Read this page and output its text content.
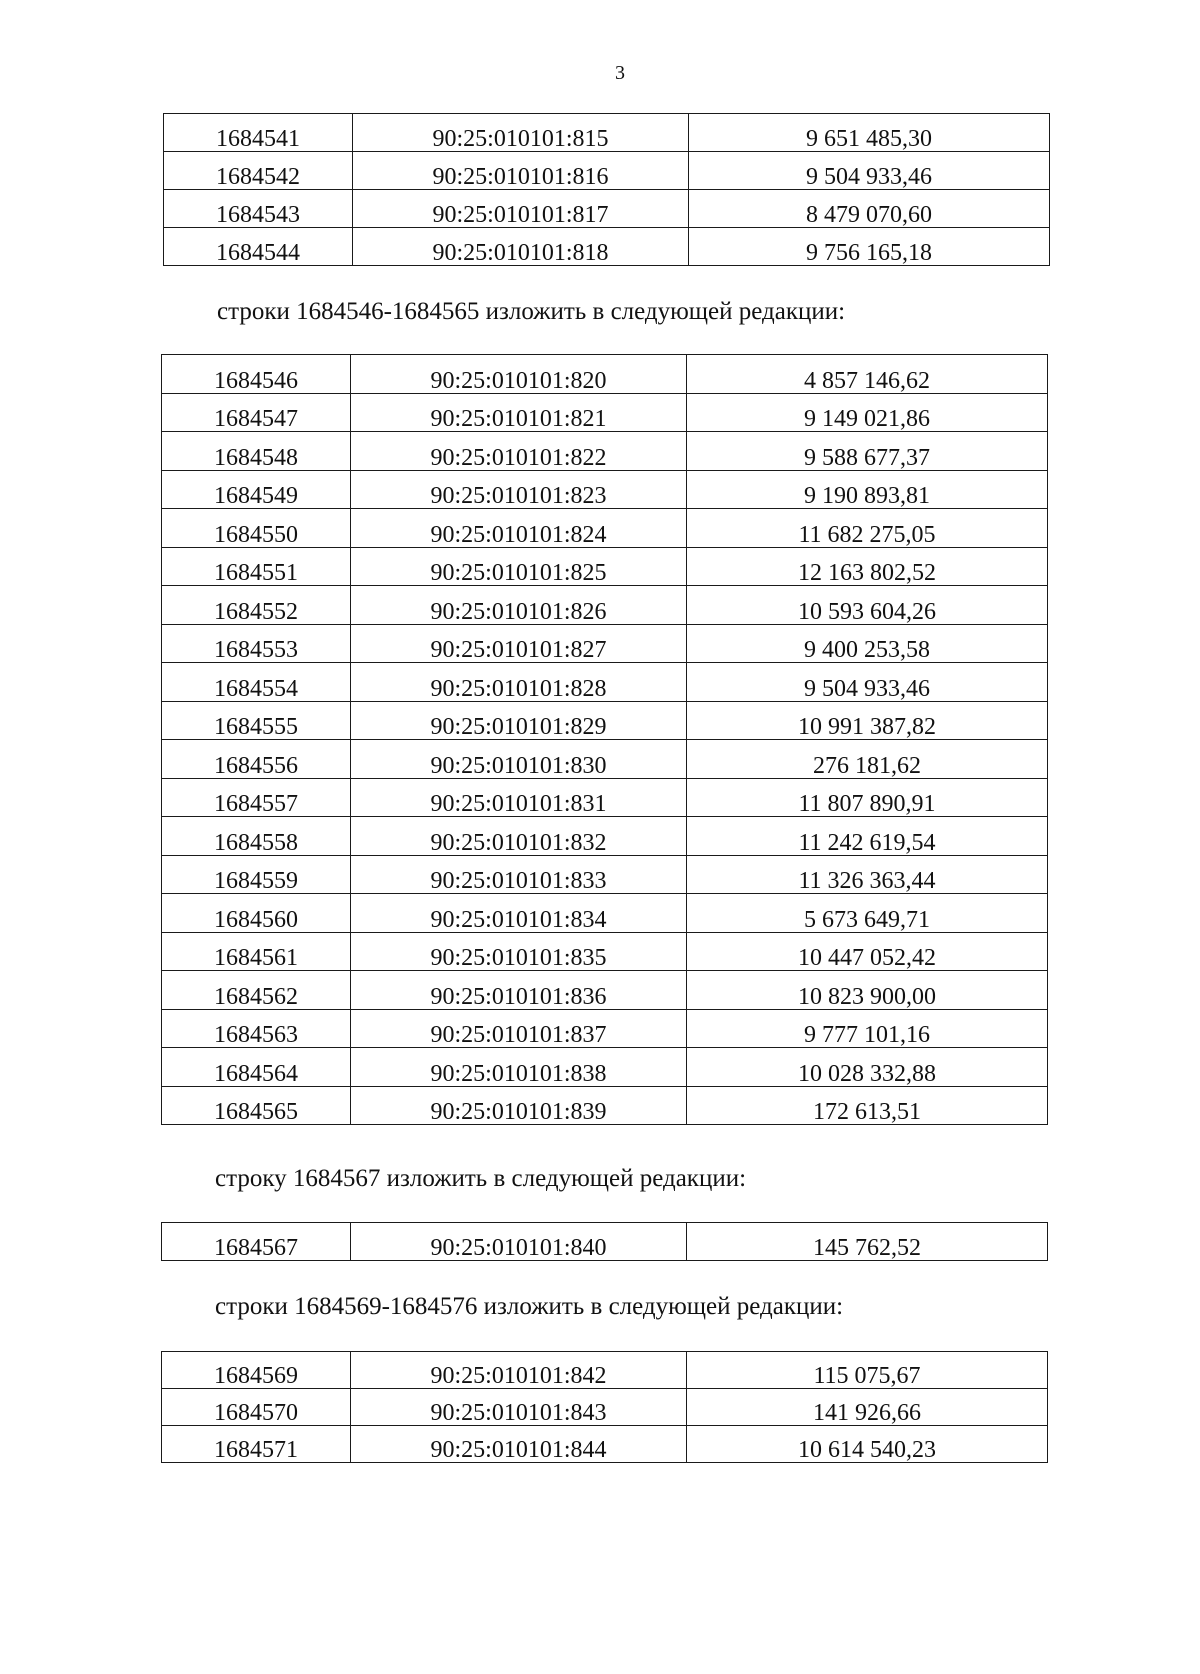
3
1684541	90:25:010101:815	9 651 485,30
1684542	90:25:010101:816	9 504 933,46
1684543	90:25:010101:817	8 479 070,60
1684544	90:25:010101:818	9 756 165,18
строки 1684546-1684565 изложить в следующей редакции:
1684546	90:25:010101:820	4 857 146,62
1684547	90:25:010101:821	9 149 021,86
1684548	90:25:010101:822	9 588 677,37
1684549	90:25:010101:823	9 190 893,81
1684550	90:25:010101:824	11 682 275,05
1684551	90:25:010101:825	12 163 802,52
1684552	90:25:010101:826	10 593 604,26
1684553	90:25:010101:827	9 400 253,58
1684554	90:25:010101:828	9 504 933,46
1684555	90:25:010101:829	10 991 387,82
1684556	90:25:010101:830	276 181,62
1684557	90:25:010101:831	11 807 890,91
1684558	90:25:010101:832	11 242 619,54
1684559	90:25:010101:833	11 326 363,44
1684560	90:25:010101:834	5 673 649,71
1684561	90:25:010101:835	10 447 052,42
1684562	90:25:010101:836	10 823 900,00
1684563	90:25:010101:837	9 777 101,16
1684564	90:25:010101:838	10 028 332,88
1684565	90:25:010101:839	172 613,51
строку 1684567 изложить в следующей редакции:
1684567	90:25:010101:840	145 762,52
строки 1684569-1684576 изложить в следующей редакции:
1684569	90:25:010101:842	115 075,67
1684570	90:25:010101:843	141 926,66
1684571	90:25:010101:844	10 614 540,23
